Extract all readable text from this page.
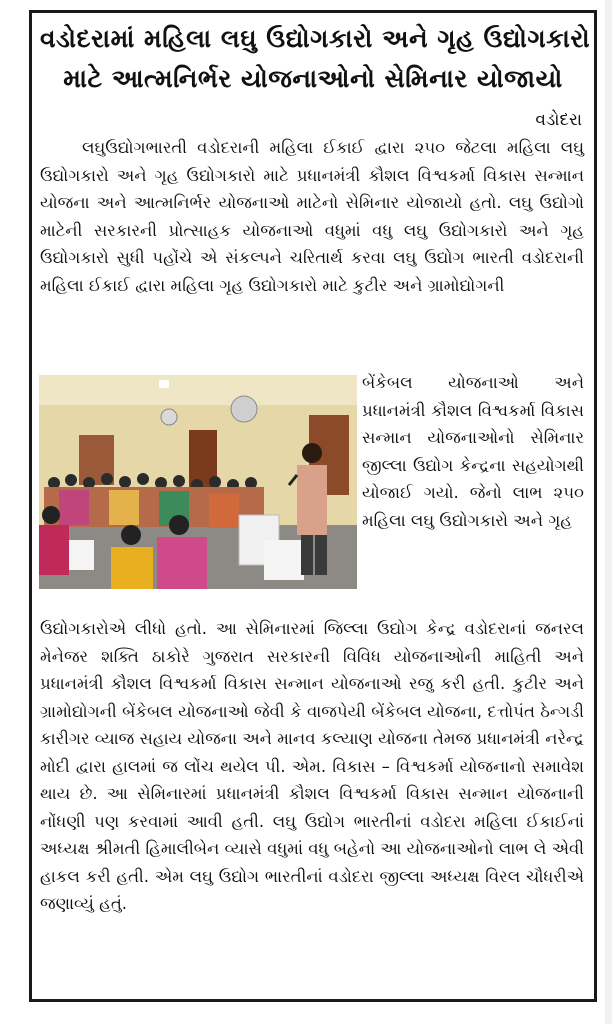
વડોદરામાં મહિલા લઘુ ઉદ્યોગકારો અને ગૃહ ઉદ્યોગકારો
માટે આત્મનિર્ભર યોજનાઓનો સેમિનાર યોજાયો
વડોદરા
લઘુઉદ્યોગભારતી વડોદરાની મહિલા ઈકાઈ દ્વારા ૨૫૦ જેટલા મહિલા લઘુ ઉદ્યોગકારો અને ગૃહ ઉદ્યોગકારો માટે પ્રધાનમંત્રી કૌશલ વિશ્વકર્મા વિકાસ સન્માન યોજના અને આત્મનિર્ભર યોજનાઓ માટેનો સેમિનાર યોજાયો હતો. લઘુ ઉદ્યોગો માટેની સરકારની પ્રોત્સાહક યોજનાઓ વધુમાં વધુ લઘુ ઉદ્યોગકારો અને ગૃહ ઉદ્યોગકારો સુધી પહોંચે એ સંકલ્પને ચરિતાર્થ કરવા લઘુ ઉદ્યોગ ભારતી વડોદરાની મહિલા ઈકાઈ દ્વારા મહિલા ગૃહ ઉદ્યોગકારો માટે કુટીર અને ગ્રામોદ્યોગની
બેંકેબલ યોજનાઓ અને પ્રધાનમંત્રી કૌશલ વિશ્વકર્મા વિકાસ સન્માન યોજનાઓનો સેમિનાર જીલ્લા ઉદ્યોગ કેન્દ્રના સહયોગથી યોજાઈ ગયો. જેનો લાભ ૨૫૦ મહિલા લઘુ ઉદ્યોગકારો અને ગૃહ
ઉદ્યોગકારોએ લીધો હતો. આ સેમિનારમાં જિલ્લા ઉદ્યોગ કેન્દ્ર વડોદરાનાં જનરલ મેનેજર શક્તિ ઠાકોરે ગુજરાત સરકારની વિવિધ યોજનાઓની માહિતી અને પ્રધાનમંત્રી કૌશલ વિશ્વકર્મા વિકાસ સન્માન યોજનાઓ રજુ કરી હતી. કુટીર અને ગ્રામોદ્યોગની બેંકેબલ યોજનાઓ જેવી કે વાજપેયી બેંકેબલ યોજના, દત્તોપંત ઠેન્ગડી કારીગર વ્યાજ સહાય યોજના અને માનવ કલ્યાણ યોજના તેમજ પ્રધાનમંત્રી નરેન્દ્ર મોદી દ્વારા હાલમાં જ લોંચ થયેલ પી. એમ. વિકાસ – વિશ્વકર્મા યોજનાનો સમાવેશ થાય છે. આ સેમિનારમાં પ્રધાનમંત્રી કૌશલ વિશ્વકર્મા વિકાસ સન્માન યોજનાની નોંધણી પણ કરવામાં આવી હતી. લઘુ ઉદ્યોગ ભારતીનાં વડોદરા મહિલા ઈકાઈનાં અધ્યક્ષ શ્રીમતી હિમાલીબેન વ્યાસે વધુમાં વધુ બહેનો આ યોજનાઓનો લાભ લે એવી હાકલ કરી હતી. એમ લઘુ ઉદ્યોગ ભારતીનાં વડોદરા જીલ્લા અધ્યક્ષ વિરલ ચૌધરીએ જણાવ્યું હતું.
